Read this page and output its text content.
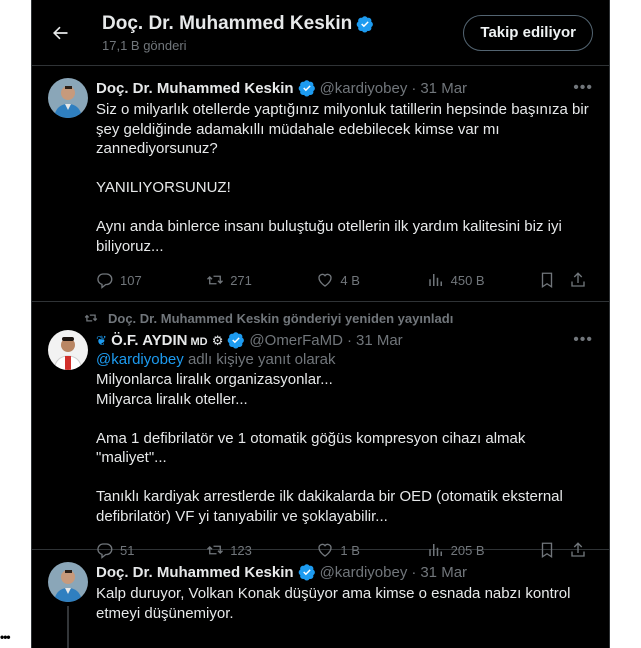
•••
Doç. Dr. Muhammed Keskin
17,1 B gönderi
Takip ediliyor
Doç. Dr. Muhammed Keskin @kardiyobey · 31 Mar	•••
Siz o milyarlık otellerde yaptığınız milyonluk tatillerin hepsinde başınıza bir şey geldiğinde adamakıllı müdahale edebilecek kimse var mı zannediyorsunuz?

YANILIYORSUNUZ!

Aynı anda binlerce insanı buluştuğu otellerin ilk yardım kalitesini biz iyi biliyoruz...
107	271	4 B	450 B
Doç. Dr. Muhammed Keskin gönderiyi yeniden yayınladı
❦ Ö.F. AYDIN MD ⚙ @OmerFaMD · 31 Mar	•••
@kardiyobey adlı kişiye yanıt olarak
Milyonlarca liralık organizasyonlar...
Milyarca liralık oteller...

Ama 1 defibrilatör ve 1 otomatik göğüs kompresyon cihazı almak "maliyet"...

Tanıklı kardiyak arrestlerde ilk dakikalarda bir OED (otomatik eksternal defibrilatör) VF yi tanıyabilir ve şoklayabilir...
51	123	1 B	205 B
Doç. Dr. Muhammed Keskin @kardiyobey · 31 Mar
Kalp duruyor, Volkan Konak düşüyor ama kimse o esnada nabzı kontrol etmeyi düşünemiyor.
